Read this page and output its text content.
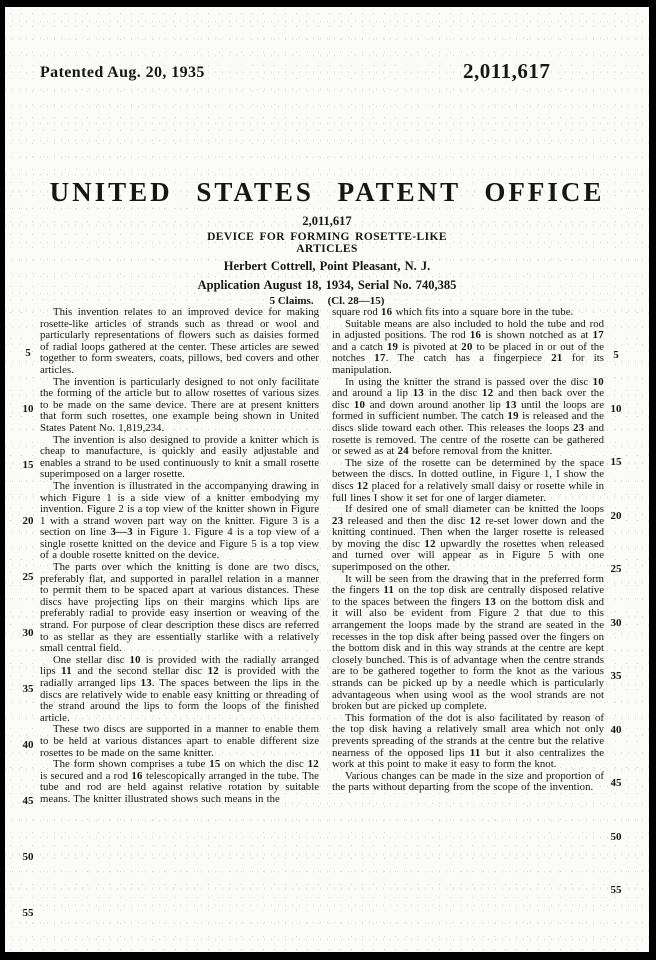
Patented Aug. 20, 1935	2,011,617
UNITED STATES PATENT OFFICE
2,011,617
DEVICE FOR FORMING ROSETTE-LIKE
ARTICLES
Herbert Cottrell, Point Pleasant, N. J.
Application August 18, 1934, Serial No. 740,385
5 Claims. (Cl. 28—15)
5
10
15
20
25
30
35
40
45
50
55

This invention relates to an improved device for making rosette-like articles of strands such as thread or wool and particularly representations of flowers such as daisies formed of radial loops gathered at the center. These articles are sewed together to form sweaters, coats, pillows, bed covers and other articles.

The invention is particularly designed to not only facilitate the forming of the article but to allow rosettes of various sizes to be made on the same device. There are at present knitters that form such rosettes, one example being shown in United States Patent No. 1,819,234.

The invention is also designed to provide a knitter which is cheap to manufacture, is quickly and easily adjustable and enables a strand to be used continuously to knit a small rosette superimposed on a larger rosette.

The invention is illustrated in the accompanying drawing in which Figure 1 is a side view of a knitter embodying my invention. Figure 2 is a top view of the knitter shown in Figure 1 with a strand woven part way on the knitter. Figure 3 is a section on line 3—3 in Figure 1. Figure 4 is a top view of a single rosette knitted on the device and Figure 5 is a top view of a double rosette knitted on the device.

The parts over which the knitting is done are two discs, preferably flat, and supported in parallel relation in a manner to permit them to be spaced apart at various distances. These discs have projecting lips on their margins which lips are preferably radial to provide easy insertion or weaving of the strand. For purpose of clear description these discs are referred to as stellar as they are essentially starlike with a relatively small central field.

One stellar disc 10 is provided with the radially arranged lips 11 and the second stellar disc 12 is provided with the radially arranged lips 13. The spaces between the lips in the discs are relatively wide to enable easy knitting or threading of the strand around the lips to form the loops of the finished article.

These two discs are supported in a manner to enable them to be held at various distances apart to enable different size rosettes to be made on the same knitter.

The form shown comprises a tube 15 on which the disc 12 is secured and a rod 16 telescopically arranged in the tube. The tube and rod are held against relative rotation by suitable means. The knitter illustrated shows such means in the

square rod 16 which fits into a square bore in the tube.

Suitable means are also included to hold the tube and rod in adjusted positions. The rod 16 is shown notched as at 17 and a catch 19 is pivoted at 20 to be placed in or out of the notches 17. The catch has a fingerpiece 21 for its manipulation.

In using the knitter the strand is passed over the disc 10 and around a lip 13 in the disc 12 and then back over the disc 10 and down around another lip 13 until the loops are formed in sufficient number. The catch 19 is released and the discs slide toward each other. This releases the loops 23 and rosette is removed. The centre of the rosette can be gathered or sewed as at 24 before removal from the knitter.

The size of the rosette can be determined by the space between the discs. In dotted outline, in Figure 1, I show the discs 12 placed for a relatively small daisy or rosette while in full lines I show it set for one of larger diameter.

If desired one of small diameter can be knitted the loops 23 released and then the disc 12 re-set lower down and the knitting continued. Then when the larger rosette is released by moving the disc 12 upwardly the rosettes when released and turned over will appear as in Figure 5 with one superimposed on the other.

It will be seen from the drawing that in the preferred form the fingers 11 on the top disk are centrally disposed relative to the spaces between the fingers 13 on the bottom disk and it will also be evident from Figure 2 that due to this arrangement the loops made by the strand are seated in the recesses in the top disk after being passed over the fingers on the bottom disk and in this way strands at the centre are kept closely bunched. This is of advantage when the centre strands are to be gathered together to form the knot as the various strands can be picked up by a needle which is particularly advantageous when using wool as the wool strands are not broken but are picked up complete.

This formation of the dot is also facilitated by reason of the top disk having a relatively small area which not only prevents spreading of the strands at the centre but the relative nearness of the opposed lips 11 but it also centralizes the work at this point to make it easy to form the knot.

Various changes can be made in the size and proportion of the parts without departing from the scope of the invention.

5
10
15
20
25
30
35
40
45
50
55
